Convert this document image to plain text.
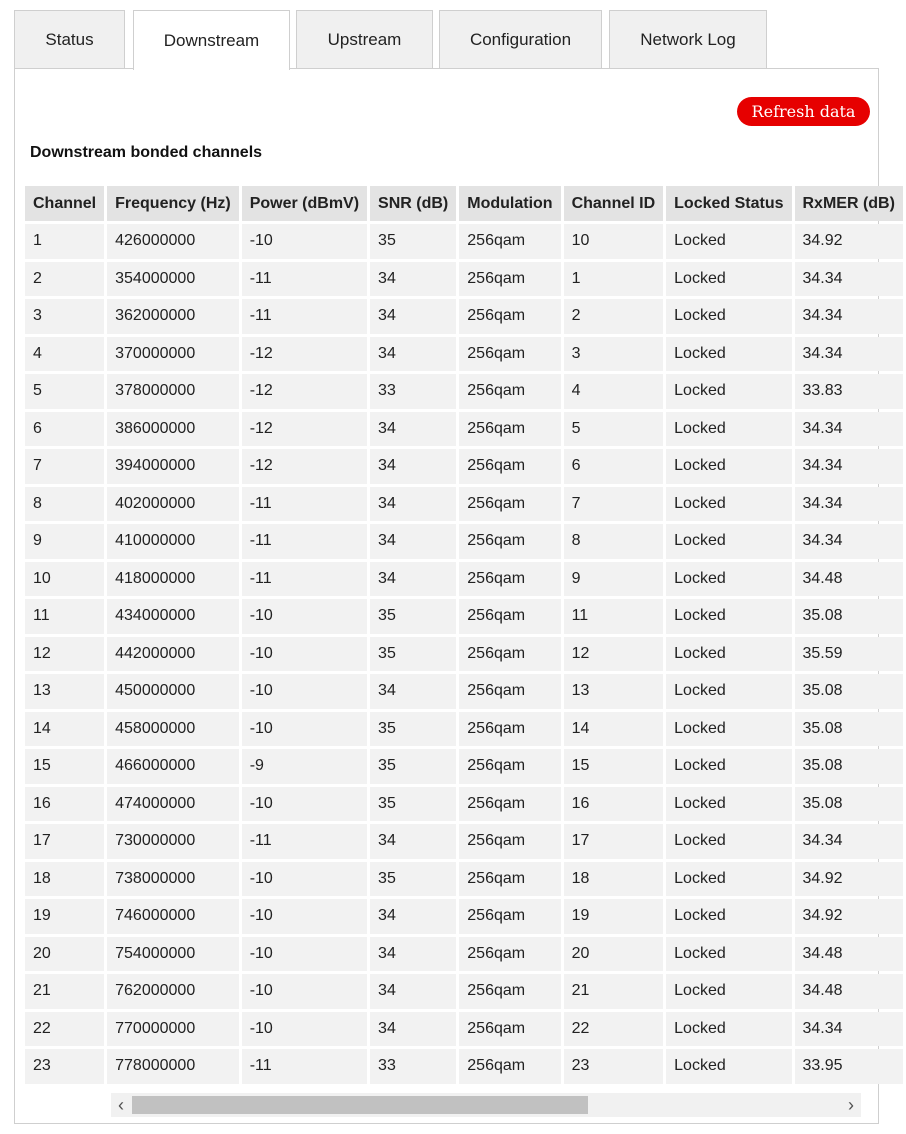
Status	Downstream	Upstream	Configuration	Network Log
Refresh data
Downstream bonded channels
Channel	Frequency (Hz)	Power (dBmV)	SNR (dB)	Modulation	Channel ID	Locked Status	RxMER (dB)
1	426000000	-10	35	256qam	10	Locked	34.92
2	354000000	-11	34	256qam	1	Locked	34.34
3	362000000	-11	34	256qam	2	Locked	34.34
4	370000000	-12	34	256qam	3	Locked	34.34
5	378000000	-12	33	256qam	4	Locked	33.83
6	386000000	-12	34	256qam	5	Locked	34.34
7	394000000	-12	34	256qam	6	Locked	34.34
8	402000000	-11	34	256qam	7	Locked	34.34
9	410000000	-11	34	256qam	8	Locked	34.34
10	418000000	-11	34	256qam	9	Locked	34.48
11	434000000	-10	35	256qam	11	Locked	35.08
12	442000000	-10	35	256qam	12	Locked	35.59
13	450000000	-10	34	256qam	13	Locked	35.08
14	458000000	-10	35	256qam	14	Locked	35.08
15	466000000	-9	35	256qam	15	Locked	35.08
16	474000000	-10	35	256qam	16	Locked	35.08
17	730000000	-11	34	256qam	17	Locked	34.34
18	738000000	-10	35	256qam	18	Locked	34.92
19	746000000	-10	34	256qam	19	Locked	34.92
20	754000000	-10	34	256qam	20	Locked	34.48
21	762000000	-10	34	256qam	21	Locked	34.48
22	770000000	-10	34	256qam	22	Locked	34.34
23	778000000	-11	33	256qam	23	Locked	33.95
‹	›
